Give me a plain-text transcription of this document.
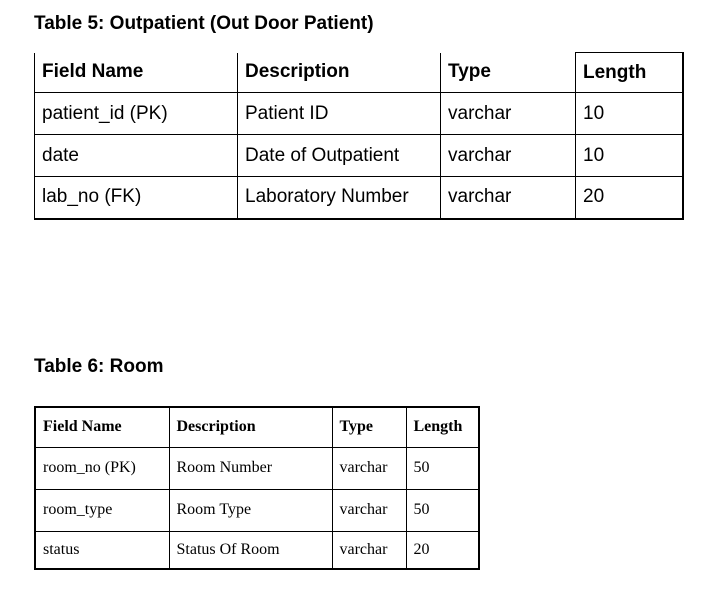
Table 5: Outpatient (Out Door Patient)
Field Name	Description	Type	Length
patient_id (PK)	Patient ID	varchar	10
date	Date of Outpatient	varchar	10
lab_no (FK)	Laboratory Number	varchar	20
Table 6: Room
Field Name	Description	Type	Length
room_no (PK)	Room Number	varchar	50
room_type	Room Type	varchar	50
status	Status Of Room	varchar	20
